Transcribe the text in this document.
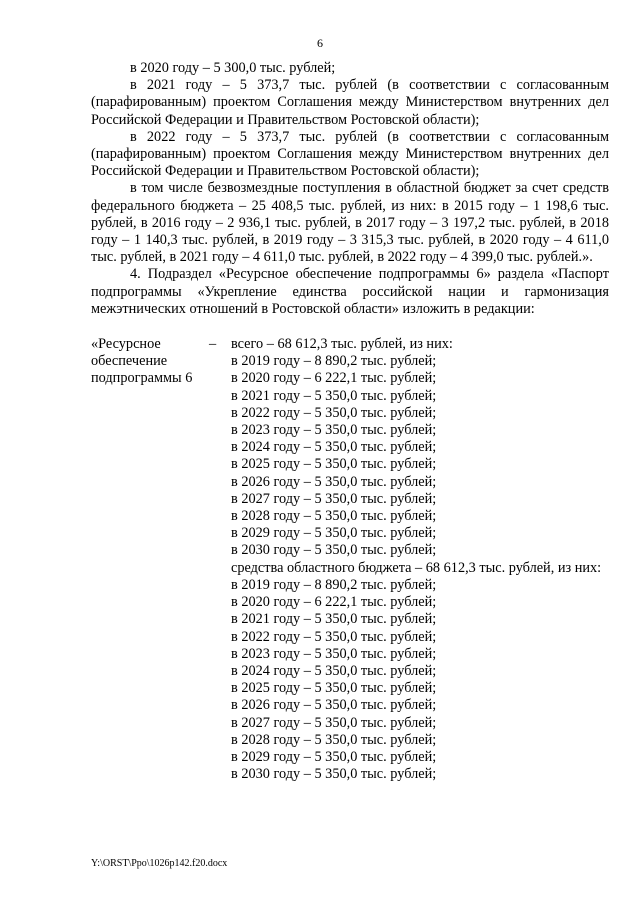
6

в 2020 году – 5 300,0 тыс. рублей;

в 2021 году – 5 373,7 тыс. рублей (в соответствии с согласованным (парафированным) проектом Соглашения между Министерством внутренних дел Российской Федерации и Правительством Ростовской области);

в 2022 году – 5 373,7 тыс. рублей (в соответствии с согласованным (парафированным) проектом Соглашения между Министерством внутренних дел Российской Федерации и Правительством Ростовской области);

в том числе безвозмездные поступления в областной бюджет за счет средств федерального бюджета – 25 408,5 тыс. рублей, из них: в 2015 году – 1 198,6 тыс. рублей, в 2016 году – 2 936,1 тыс. рублей, в 2017 году – 3 197,2 тыс. рублей, в 2018 году – 1 140,3 тыс. рублей, в 2019 году – 3 315,3 тыс. рублей, в 2020 году – 4 611,0 тыс. рублей, в 2021 году – 4 611,0 тыс. рублей, в 2022 году – 4 399,0 тыс. рублей.».

4. Подраздел «Ресурсное обеспечение подпрограммы 6» раздела «Паспорт подпрограммы «Укрепление единства российской нации и гармонизация межэтнических отношений в Ростовской области» изложить в редакции:

«Ресурсное
обеспечение
подпрограммы 6
– всего – 68 612,3 тыс. рублей, из них:
в 2019 году – 8 890,2 тыс. рублей;
в 2020 году – 6 222,1 тыс. рублей;
в 2021 году – 5 350,0 тыс. рублей;
в 2022 году – 5 350,0 тыс. рублей;
в 2023 году – 5 350,0 тыс. рублей;
в 2024 году – 5 350,0 тыс. рублей;
в 2025 году – 5 350,0 тыс. рублей;
в 2026 году – 5 350,0 тыс. рублей;
в 2027 году – 5 350,0 тыс. рублей;
в 2028 году – 5 350,0 тыс. рублей;
в 2029 году – 5 350,0 тыс. рублей;
в 2030 году – 5 350,0 тыс. рублей;
средства областного бюджета – 68 612,3 тыс. рублей, из них:
в 2019 году – 8 890,2 тыс. рублей;
в 2020 году – 6 222,1 тыс. рублей;
в 2021 году – 5 350,0 тыс. рублей;
в 2022 году – 5 350,0 тыс. рублей;
в 2023 году – 5 350,0 тыс. рублей;
в 2024 году – 5 350,0 тыс. рублей;
в 2025 году – 5 350,0 тыс. рублей;
в 2026 году – 5 350,0 тыс. рублей;
в 2027 году – 5 350,0 тыс. рублей;
в 2028 году – 5 350,0 тыс. рублей;
в 2029 году – 5 350,0 тыс. рублей;
в 2030 году – 5 350,0 тыс. рублей;
Y:\ORST\Ppo\1026p142.f20.docx
